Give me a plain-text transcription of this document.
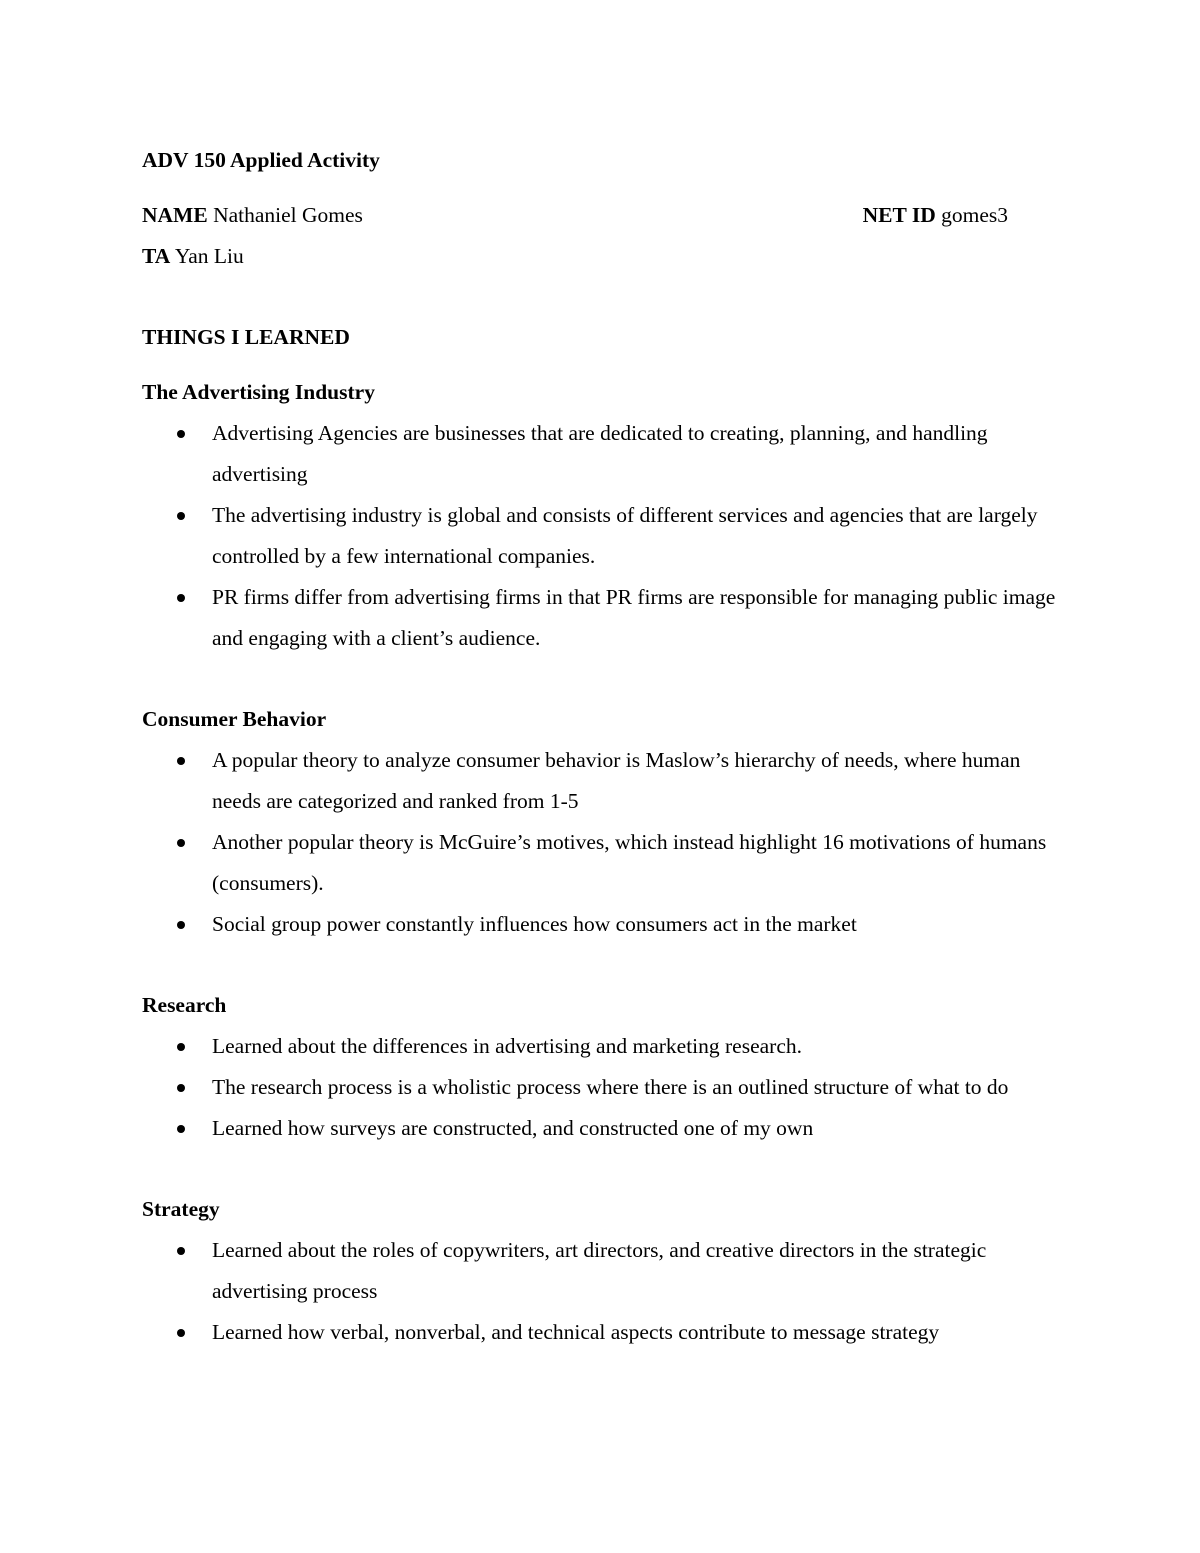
ADV 150 Applied Activity
NAME Nathaniel Gomes	NET ID gomes3
TA Yan Liu
THINGS I LEARNED
The Advertising Industry
Advertising Agencies are businesses that are dedicated to creating, planning, and handling advertising
The advertising industry is global and consists of different services and agencies that are largely controlled by a few international companies.
PR firms differ from advertising firms in that PR firms are responsible for managing public image and engaging with a client’s audience.
Consumer Behavior
A popular theory to analyze consumer behavior is Maslow’s hierarchy of needs, where human needs are categorized and ranked from 1-5
Another popular theory is McGuire’s motives, which instead highlight 16 motivations of humans (consumers).
Social group power constantly influences how consumers act in the market
Research
Learned about the differences in advertising and marketing research.
The research process is a wholistic process where there is an outlined structure of what to do
Learned how surveys are constructed, and constructed one of my own
Strategy
Learned about the roles of copywriters, art directors, and creative directors in the strategic advertising process
Learned how verbal, nonverbal, and technical aspects contribute to message strategy
